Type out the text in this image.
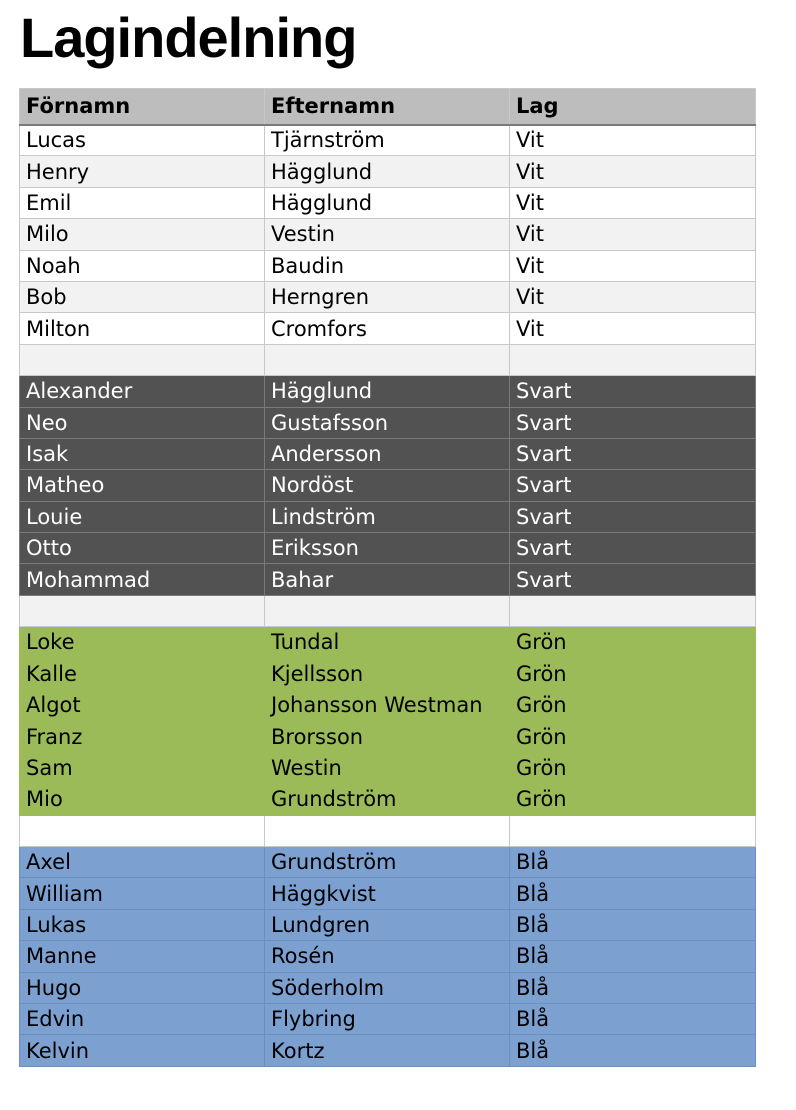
Lagindelning
Förnamn	Efternamn	Lag
Lucas	Tjärnström	Vit
Henry	Hägglund	Vit
Emil	Hägglund	Vit
Milo	Vestin	Vit
Noah	Baudin	Vit
Bob	Herngren	Vit
Milton	Cromfors	Vit

Alexander	Hägglund	Svart
Neo	Gustafsson	Svart
Isak	Andersson	Svart
Matheo	Nordöst	Svart
Louie	Lindström	Svart
Otto	Eriksson	Svart
Mohammad	Bahar	Svart

Loke	Tundal	Grön
Kalle	Kjellsson	Grön
Algot	Johansson Westman	Grön
Franz	Brorsson	Grön
Sam	Westin	Grön
Mio	Grundström	Grön

Axel	Grundström	Blå
William	Häggkvist	Blå
Lukas	Lundgren	Blå
Manne	Rosén	Blå
Hugo	Söderholm	Blå
Edvin	Flybring	Blå
Kelvin	Kortz	Blå
